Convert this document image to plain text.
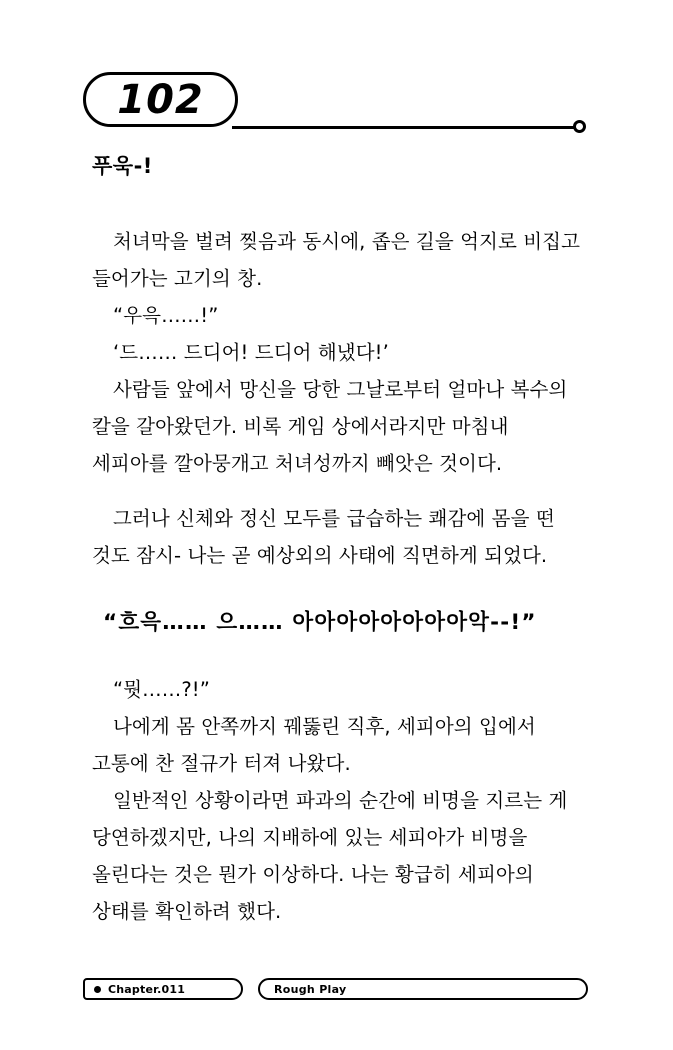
102

푸욱-!

처녀막을 벌려 찢음과 동시에, 좁은 길을 억지로 비집고 들어가는 고기의 창.

“우윽……!”

‘드…… 드디어! 드디어 해냈다!’

사람들 앞에서 망신을 당한 그날로부터 얼마나 복수의 칼을 갈아왔던가. 비록 게임 상에서라지만 마침내 세피아를 깔아뭉개고 처녀성까지 빼앗은 것이다.

그러나 신체와 정신 모두를 급습하는 쾌감에 몸을 떤 것도 잠시- 나는 곧 예상외의 사태에 직면하게 되었다.

“흐윽…… 으…… 아아아아아아아아악--!”

“뭣……?!”

나에게 몸 안쪽까지 꿰뚫린 직후, 세피아의 입에서 고통에 찬 절규가 터져 나왔다.

일반적인 상황이라면 파과의 순간에 비명을 지르는 게 당연하겠지만, 나의 지배하에 있는 세피아가 비명을 올린다는 것은 뭔가 이상하다. 나는 황급히 세피아의 상태를 확인하려 했다.

Chapter.011	Rough Play
